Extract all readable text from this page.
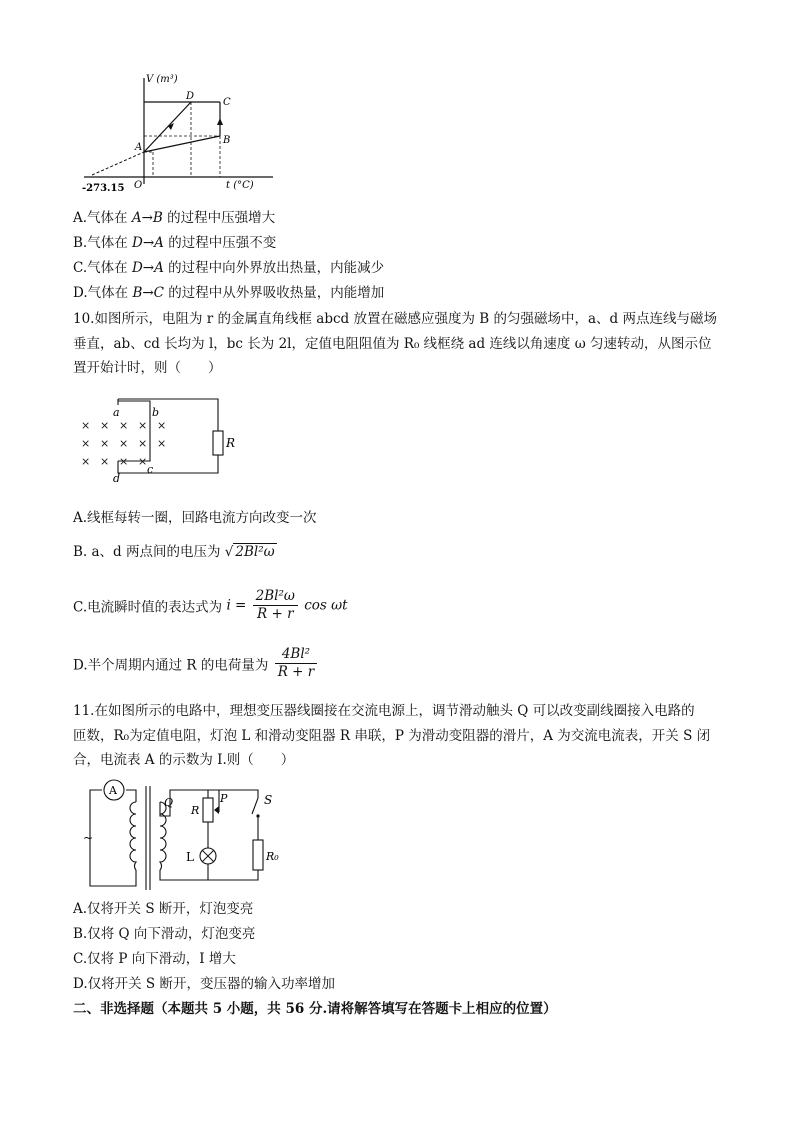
V (m³)
t (°C)
-273.15 O
A
B
C
D
A.气体在 A→B 的过程中压强增大
B.气体在 D→A 的过程中压强不变
C.气体在 D→A 的过程中向外界放出热量，内能减少
D.气体在 B→C 的过程中从外界吸收热量，内能增加
10.如图所示，电阻为 r 的金属直角线框 abcd 放置在磁感应强度为 B 的匀强磁场中，a、d 两点连线与磁场
垂直，ab、cd 长均为 l，bc 长为 2l，定值电阻阻值为 R₀ 线框绕 ad 连线以角速度 ω 匀速转动，从图示位
置开始计时，则（　　）
× × × × ×
× × × × ×
× × × ×
a	b
c
d
R
A.线框每转一圈，回路电流方向改变一次
B. a、d 两点间的电压为 √ 2Bl²ω
C.电流瞬时值的表达式为 $i = \frac{\text{2Bl²ω}}{R + r}$ cos ωt
D.半个周期内通过 R 的电荷量为 $\frac{\text{4Bl²}}{R + r}$
11.在如图所示的电路中，理想变压器线圈接在交流电源上，调节滑动触头 Q 可以改变副线圈接入电路的
匝数，R₀为定值电阻，灯泡 L 和滑动变阻器 R 串联，P 为滑动变阻器的滑片，A 为交流电流表，开关 S 闭
合，电流表 A 的示数为 I.则（　　）
A
~
Q
R
P
L
S
R₀
A.仅将开关 S 断开，灯泡变亮
B.仅将 Q 向下滑动，灯泡变亮
C.仅将 P 向下滑动，I 增大
D.仅将开关 S 断开，变压器的输入功率增加
二、非选择题（本题共 5 小题，共 56 分.请将解答填写在答题卡上相应的位置）
